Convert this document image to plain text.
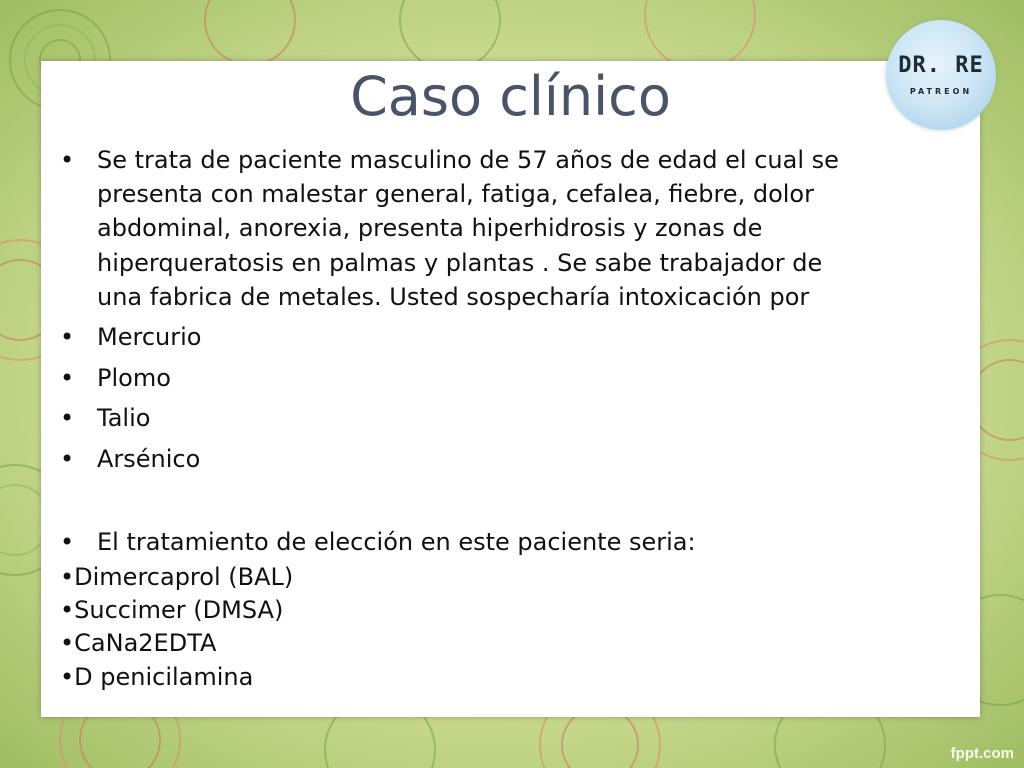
Caso clínico	DR. RE
PATREON
• Se trata de paciente masculino de 57 años de edad el cual se
presenta con malestar general, fatiga, cefalea, fiebre, dolor
abdominal, anorexia, presenta hiperhidrosis y zonas de
hiperqueratosis en palmas y plantas . Se sabe trabajador de
una fabrica de metales. Usted sospecharía intoxicación por
• Mercurio
• Plomo
• Talio
• Arsénico
• El tratamiento de elección en este paciente seria:
•Dimercaprol (BAL)
•Succimer (DMSA)
•CaNa2EDTA
•D penicilamina
fppt.com
